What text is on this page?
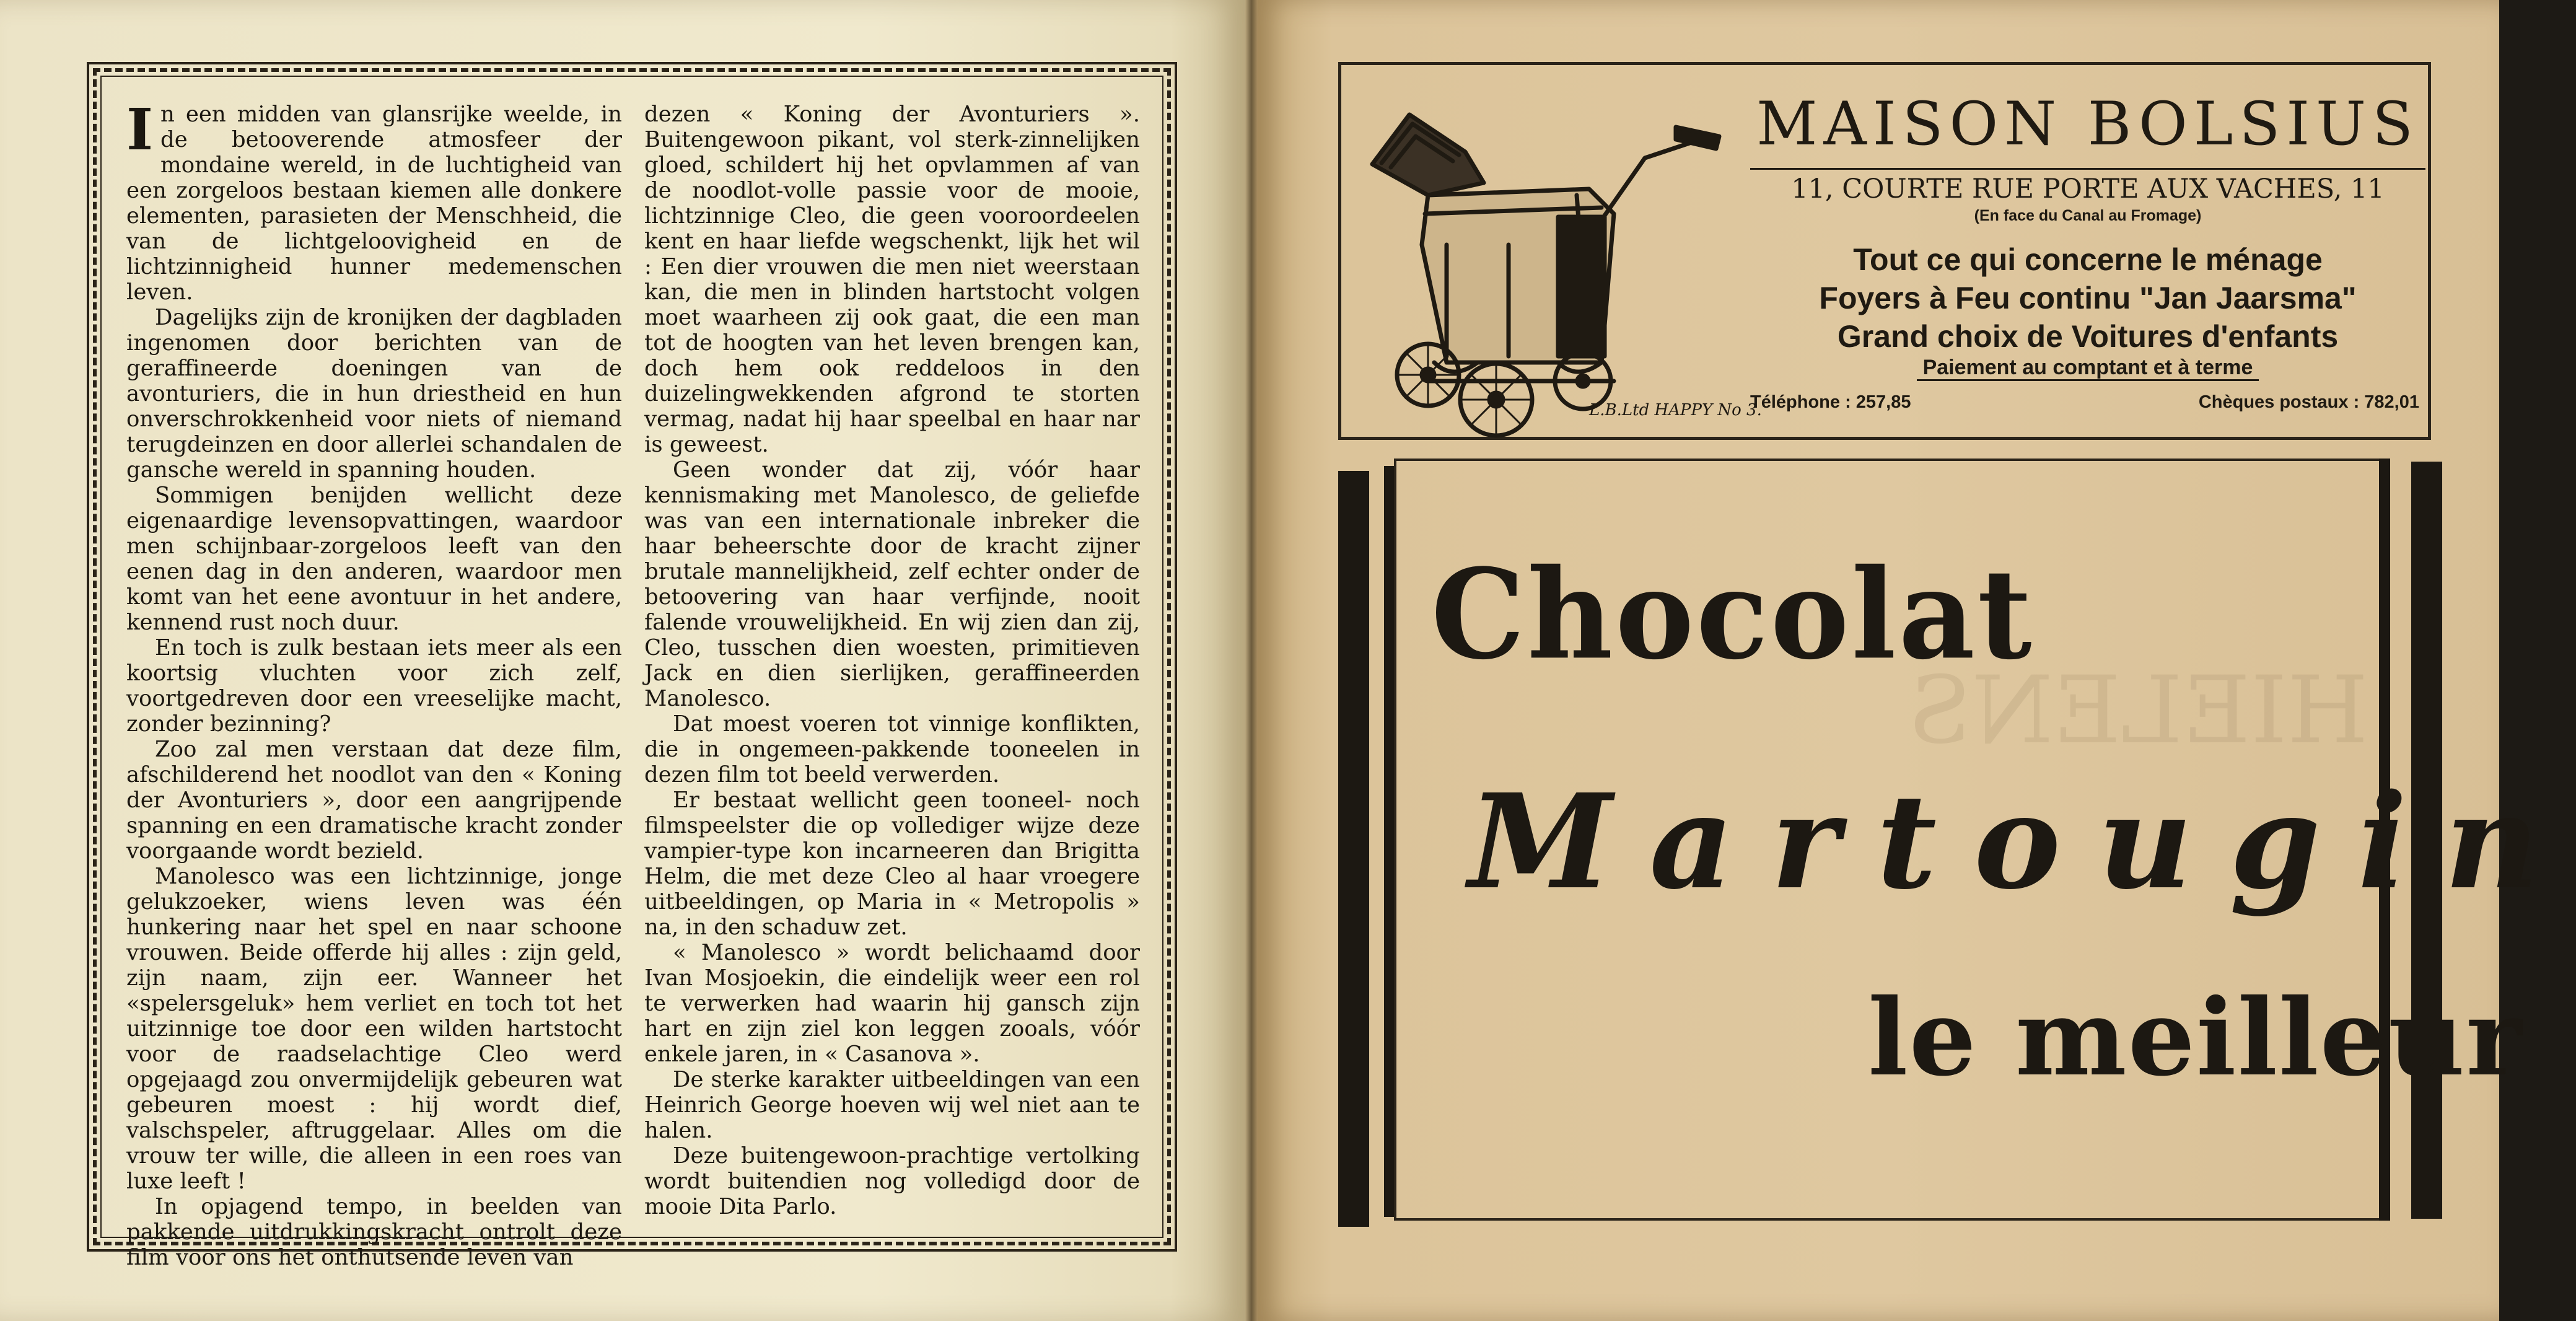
In een midden van glansrijke weelde, in de betooverende atmosfeer der mondaine wereld, in de luchtigheid van een zorgeloos bestaan kiemen alle donkere elementen, parasieten der Menschheid, die van de lichtgeloovigheid en de lichtzinnigheid hunner medemenschen leven.

Dagelijks zijn de kronijken der dagbladen ingenomen door berichten van de geraffineerde doeningen van de avonturiers, die in hun driestheid en hun onverschrokkenheid voor niets of niemand terugdeinzen en door allerlei schandalen de gansche wereld in spanning houden.

Sommigen benijden wellicht deze eigenaardige levensopvattingen, waardoor men schijnbaar-zorgeloos leeft van den eenen dag in den anderen, waardoor men komt van het eene avontuur in het andere, kennend rust noch duur.

En toch is zulk bestaan iets meer als een koortsig vluchten voor zich zelf, voortgedreven door een vreeselijke macht, zonder bezinning?

Zoo zal men verstaan dat deze film, afschilderend het noodlot van den « Koning der Avonturiers », door een aangrijpende spanning en een dramatische kracht zonder voorgaande wordt bezield.

Manolesco was een lichtzinnige, jonge gelukzoeker, wiens leven was één hunkering naar het spel en naar schoone vrouwen. Beide offerde hij alles : zijn geld, zijn naam, zijn eer. Wanneer het «spelersgeluk» hem verliet en toch tot het uitzinnige toe door een wilden hartstocht voor de raadselachtige Cleo werd opgejaagd zou onvermijdelijk gebeuren wat gebeuren moest : hij wordt dief, valschspeler, aftruggelaar. Alles om die vrouw ter wille, die alleen in een roes van luxe leeft !

In opjagend tempo, in beelden van pakkende uitdrukkingskracht ontrolt deze film voor ons het onthutsende leven van

dezen « Koning der Avonturiers ». Buitengewoon pikant, vol sterk-zinnelijken gloed, schildert hij het opvlammen af van de noodlot-volle passie voor de mooie, lichtzinnige Cleo, die geen vooroordeelen kent en haar liefde wegschenkt, lijk het wil : Een dier vrouwen die men niet weerstaan kan, die men in blinden hartstocht volgen moet waarheen zij ook gaat, die een man tot de hoogten van het leven brengen kan, doch hem ook reddeloos in den duizelingwekkenden afgrond te storten vermag, nadat hij haar speelbal en haar nar is geweest.

Geen wonder dat zij, vóór haar kennismaking met Manolesco, de geliefde was van een internationale inbreker die haar beheerschte door de kracht zijner brutale mannelijkheid, zelf echter onder de betoovering van haar verfijnde, nooit falende vrouwelijkheid. En wij zien dan zij, Cleo, tusschen dien woesten, primitieven Jack en dien sierlijken, geraffineerden Manolesco.

Dat moest voeren tot vinnige konflikten, die in ongemeen-pakkende tooneelen in dezen film tot beeld verwerden.

Er bestaat wellicht geen tooneel- noch filmspeelster die op vollediger wijze deze vampier-type kon incarneeren dan Brigitta Helm, die met deze Cleo al haar vroegere uitbeeldingen, op Maria in « Metropolis » na, in den schaduw zet.

« Manolesco » wordt belichaamd door Ivan Mosjoekin, die eindelijk weer een rol te verwerken had waarin hij gansch zijn hart en zijn ziel kon leggen zooals, vóór enkele jaren, in « Casanova ».

De sterke karakter uitbeeldingen van een Heinrich George hoeven wij wel niet aan te halen.

Deze buitengewoon-prachtige vertolking wordt buitendien nog volledigd door de mooie Dita Parlo.

HIELENS
L.B.Ltd HAPPY No 3.
MAISON BOLSIUS
11, COURTE RUE PORTE AUX VACHES, 11
(En face du Canal au Fromage)
Tout ce qui concerne le ménage
Foyers à Feu continu "Jan Jaarsma"
Grand choix de Voitures d'enfants
Paiement au comptant et à terme
Téléphone : 257,85	Chèques postaux : 782,01
Chocolat
Martougin
le meilleur
